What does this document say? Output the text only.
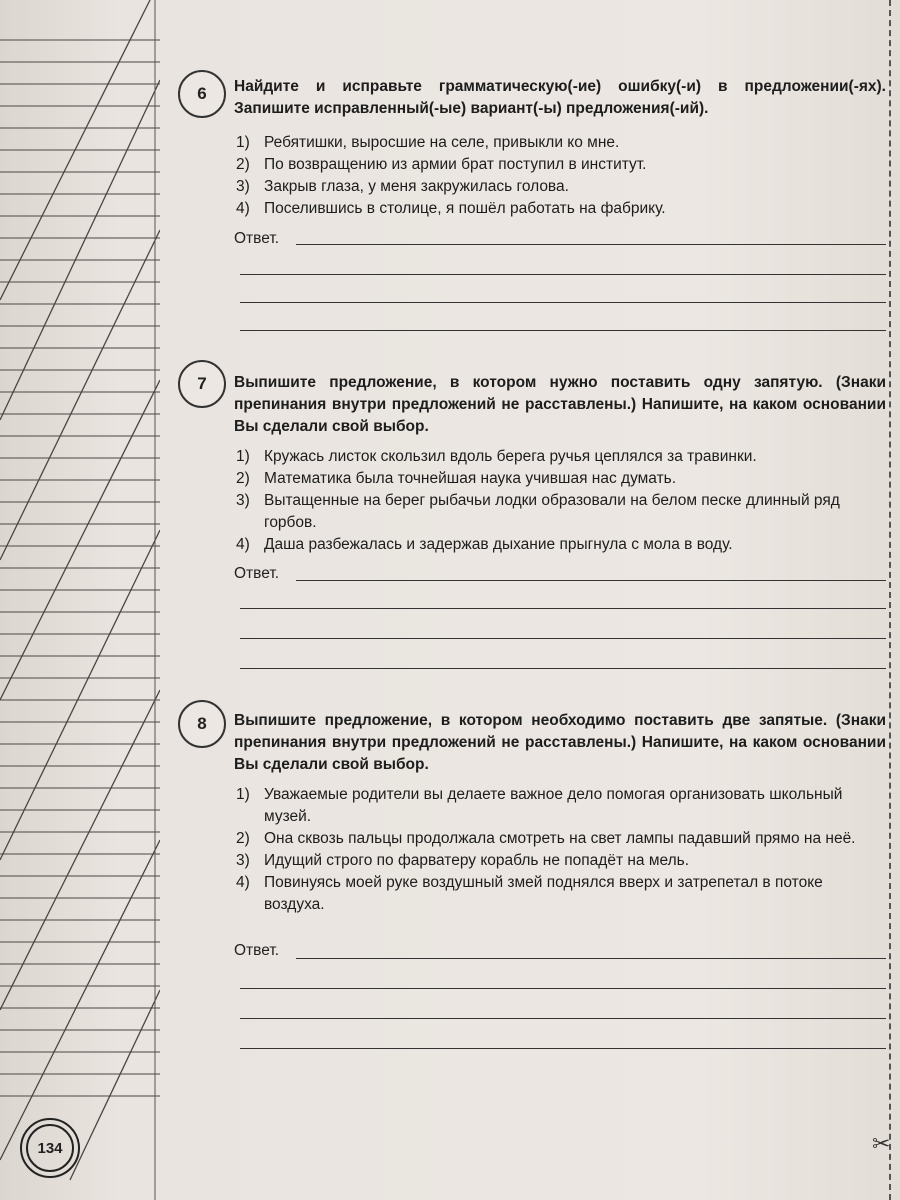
✂
6	Найдите и исправьте грамматическую(-ие) ошибку(-и) в предложении(-ях). Запишите исправленный(-ые) вариант(-ы) предложения(-ий).

1) Ребятишки, выросшие на селе, привыкли ко мне.
2) По возвращению из армии брат поступил в институт.
3) Закрыв глаза, у меня закружилась голова.
4) Поселившись в столице, я пошёл работать на фабрику.
Ответ.
7	Выпишите предложение, в котором нужно поставить одну запятую. (Знаки препинания внутри предложений не расставлены.) Напишите, на каком основании Вы сделали свой выбор.

1) Кружась листок скользил вдоль берега ручья цеплялся за травинки.
2) Математика была точнейшая наука учившая нас думать.
3) Вытащенные на берег рыбачьи лодки образовали на белом песке длинный ряд горбов.
4) Даша разбежалась и задержав дыхание прыгнула с мола в воду.
Ответ.
8	Выпишите предложение, в котором необходимо поставить две запятые. (Знаки препинания внутри предложений не расставлены.) Напишите, на каком основании Вы сделали свой выбор.

1) Уважаемые родители вы делаете важное дело помогая организовать школьный музей.
2) Она сквозь пальцы продолжала смотреть на свет лампы падавший прямо на неё.
3) Идущий строго по фарватеру корабль не попадёт на мель.
4) Повинуясь моей руке воздушный змей поднялся вверх и затрепетал в потоке воздуха.
Ответ.
134
